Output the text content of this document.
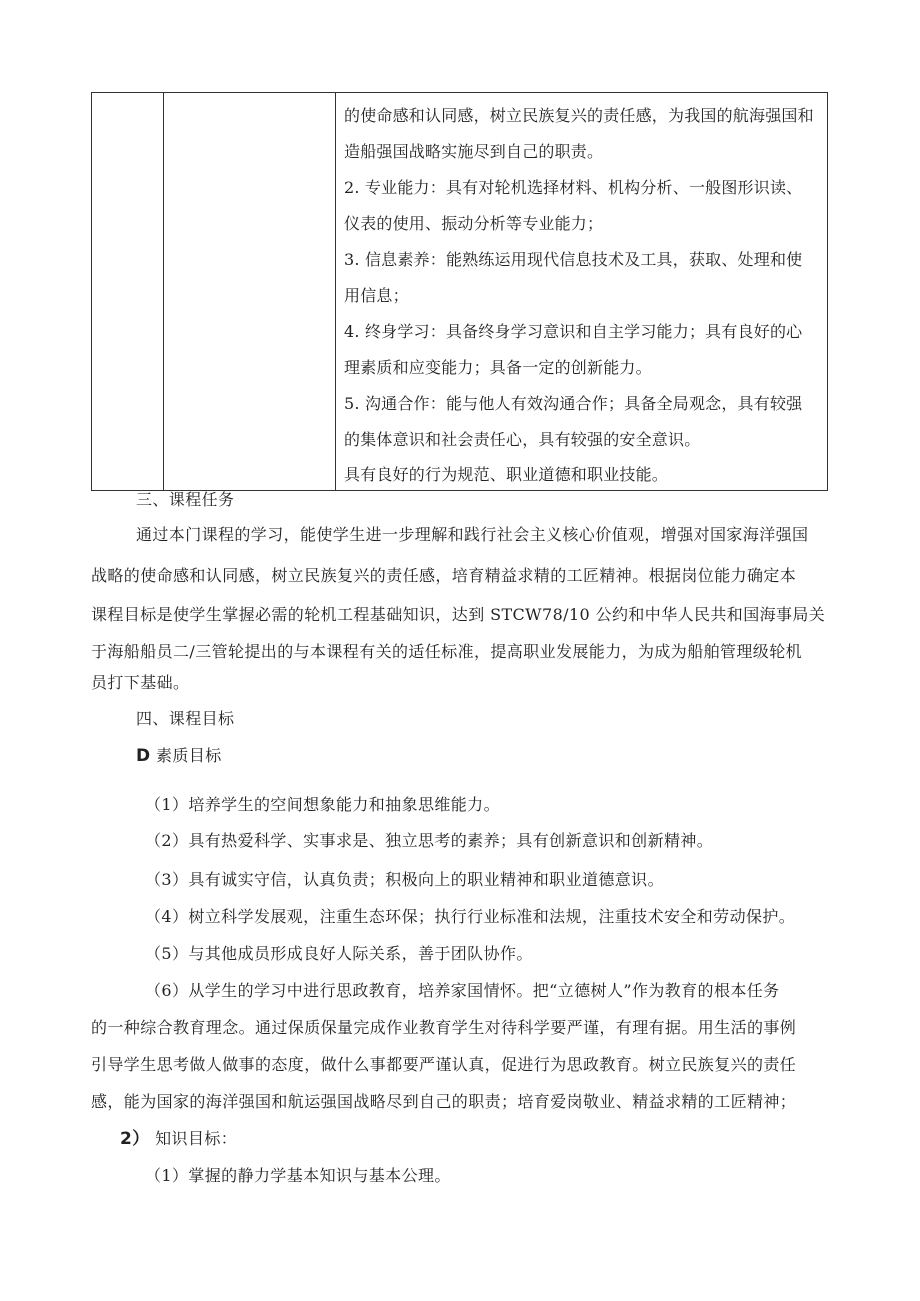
的使命感和认同感，树立民族复兴的责任感，为我国的航海强国和
造船强国战略实施尽到自己的职责。
2. 专业能力：具有对轮机选择材料、机构分析、一般图形识读、
仪表的使用、振动分析等专业能力；
3. 信息素养：能熟练运用现代信息技术及工具，获取、处理和使
用信息；
4. 终身学习：具备终身学习意识和自主学习能力；具有良好的心
理素质和应变能力；具备一定的创新能力。
5. 沟通合作：能与他人有效沟通合作；具备全局观念，具有较强
的集体意识和社会责任心，具有较强的安全意识。
具有良好的行为规范、职业道德和职业技能。
三、课程任务
通过本门课程的学习，能使学生进一步理解和践行社会主义核心价值观，增强对国家海洋强国
战略的使命感和认同感，树立民族复兴的责任感，培育精益求精的工匠精神。根据岗位能力确定本
课程目标是使学生掌握必需的轮机工程基础知识，达到 STCW78/10 公约和中华人民共和国海事局关
于海船船员二/三管轮提出的与本课程有关的适任标准，提高职业发展能力，为成为船舶管理级轮机
员打下基础。
四、课程目标
D 素质目标
（1）培养学生的空间想象能力和抽象思维能力。
（2）具有热爱科学、实事求是、独立思考的素养；具有创新意识和创新精神。
（3）具有诚实守信，认真负责；积极向上的职业精神和职业道德意识。
（4）树立科学发展观，注重生态环保；执行行业标准和法规，注重技术安全和劳动保护。
（5）与其他成员形成良好人际关系，善于团队协作。
（6）从学生的学习中进行思政教育，培养家国情怀。把“立德树人”作为教育的根本任务
的一种综合教育理念。通过保质保量完成作业教育学生对待科学要严谨，有理有据。用生活的事例
引导学生思考做人做事的态度，做什么事都要严谨认真，促进行为思政教育。树立民族复兴的责任
感，能为国家的海洋强国和航运强国战略尽到自己的职责；培育爱岗敬业、精益求精的工匠精神；
2） 知识目标：
（1）掌握的静力学基本知识与基本公理。
